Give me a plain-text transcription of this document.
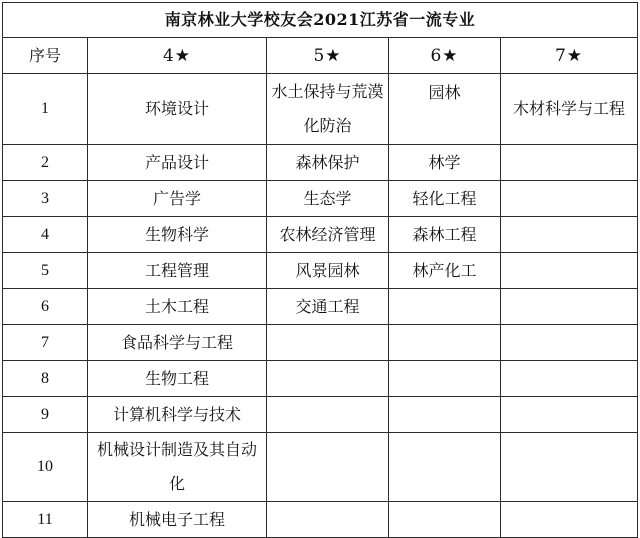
南京林业大学校友会2021江苏省一流专业				
序号	4★	5★	6★	7★
1	环境设计	水土保持与荒漠化防治	园林	木材科学与工程
2	产品设计	森林保护	林学	
3	广告学	生态学	轻化工程	
4	生物科学	农林经济管理	森林工程	
5	工程管理	风景园林	林产化工	
6	土木工程	交通工程		
7	食品科学与工程			
8	生物工程			
9	计算机科学与技术			
10	机械设计制造及其自动化			
11	机械电子工程			
